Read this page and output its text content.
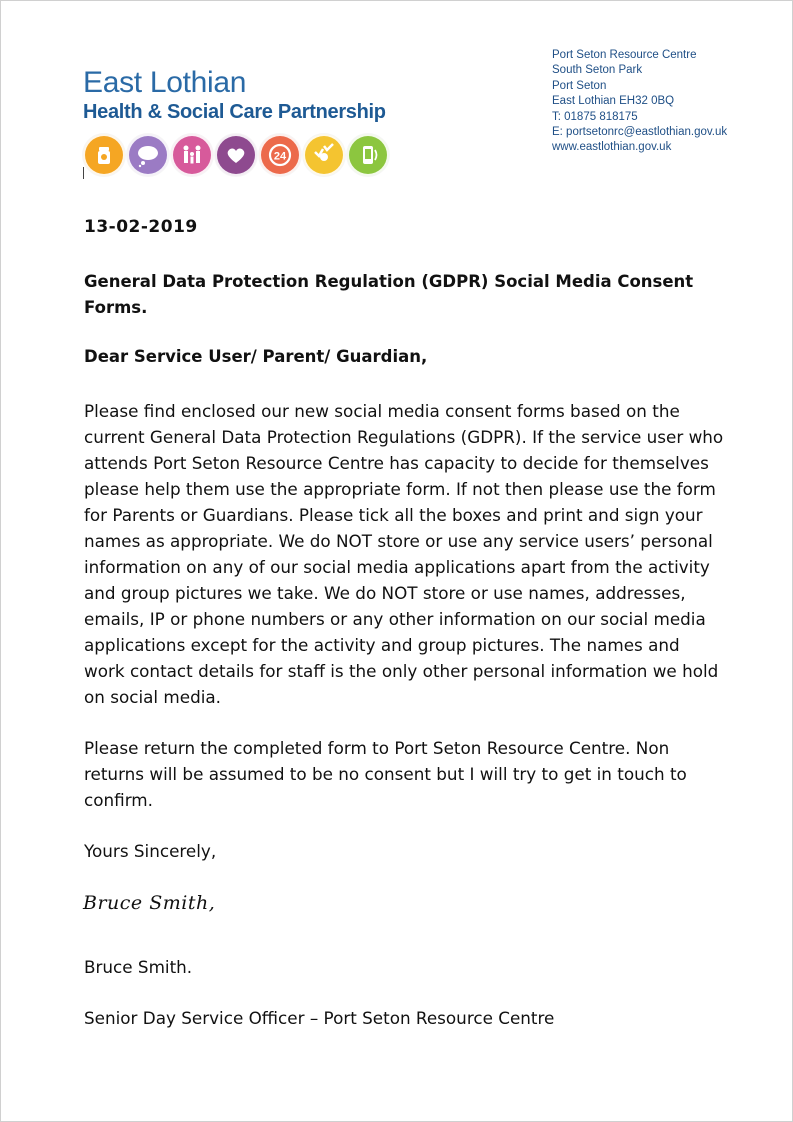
East Lothian
Health & Social Care Partnership
24
Port Seton Resource Centre
South Seton Park
Port Seton
East Lothian EH32 0BQ
T: 01875 818175
E: portsetonrc@eastlothian.gov.uk
www.eastlothian.gov.uk
13-02-2019
General Data Protection Regulation (GDPR) Social Media Consent Forms.
Dear Service User/ Parent/ Guardian,
Please find enclosed our new social media consent forms based on the current General Data Protection Regulations (GDPR). If the service user who attends Port Seton Resource Centre has capacity to decide for themselves please help them use the appropriate form. If not then please use the form for Parents or Guardians. Please tick all the boxes and print and sign your names as appropriate. We do NOT store or use any service users’ personal information on any of our social media applications apart from the activity and group pictures we take. We do NOT store or use names, addresses, emails, IP or phone numbers or any other information on our social media applications except for the activity and group pictures. The names and work contact details for staff is the only other personal information we hold on social media.
Please return the completed form to Port Seton Resource Centre. Non returns will be assumed to be no consent but I will try to get in touch to confirm.
Yours Sincerely,
Bruce Smith,
Bruce Smith.
Senior Day Service Officer – Port Seton Resource Centre
